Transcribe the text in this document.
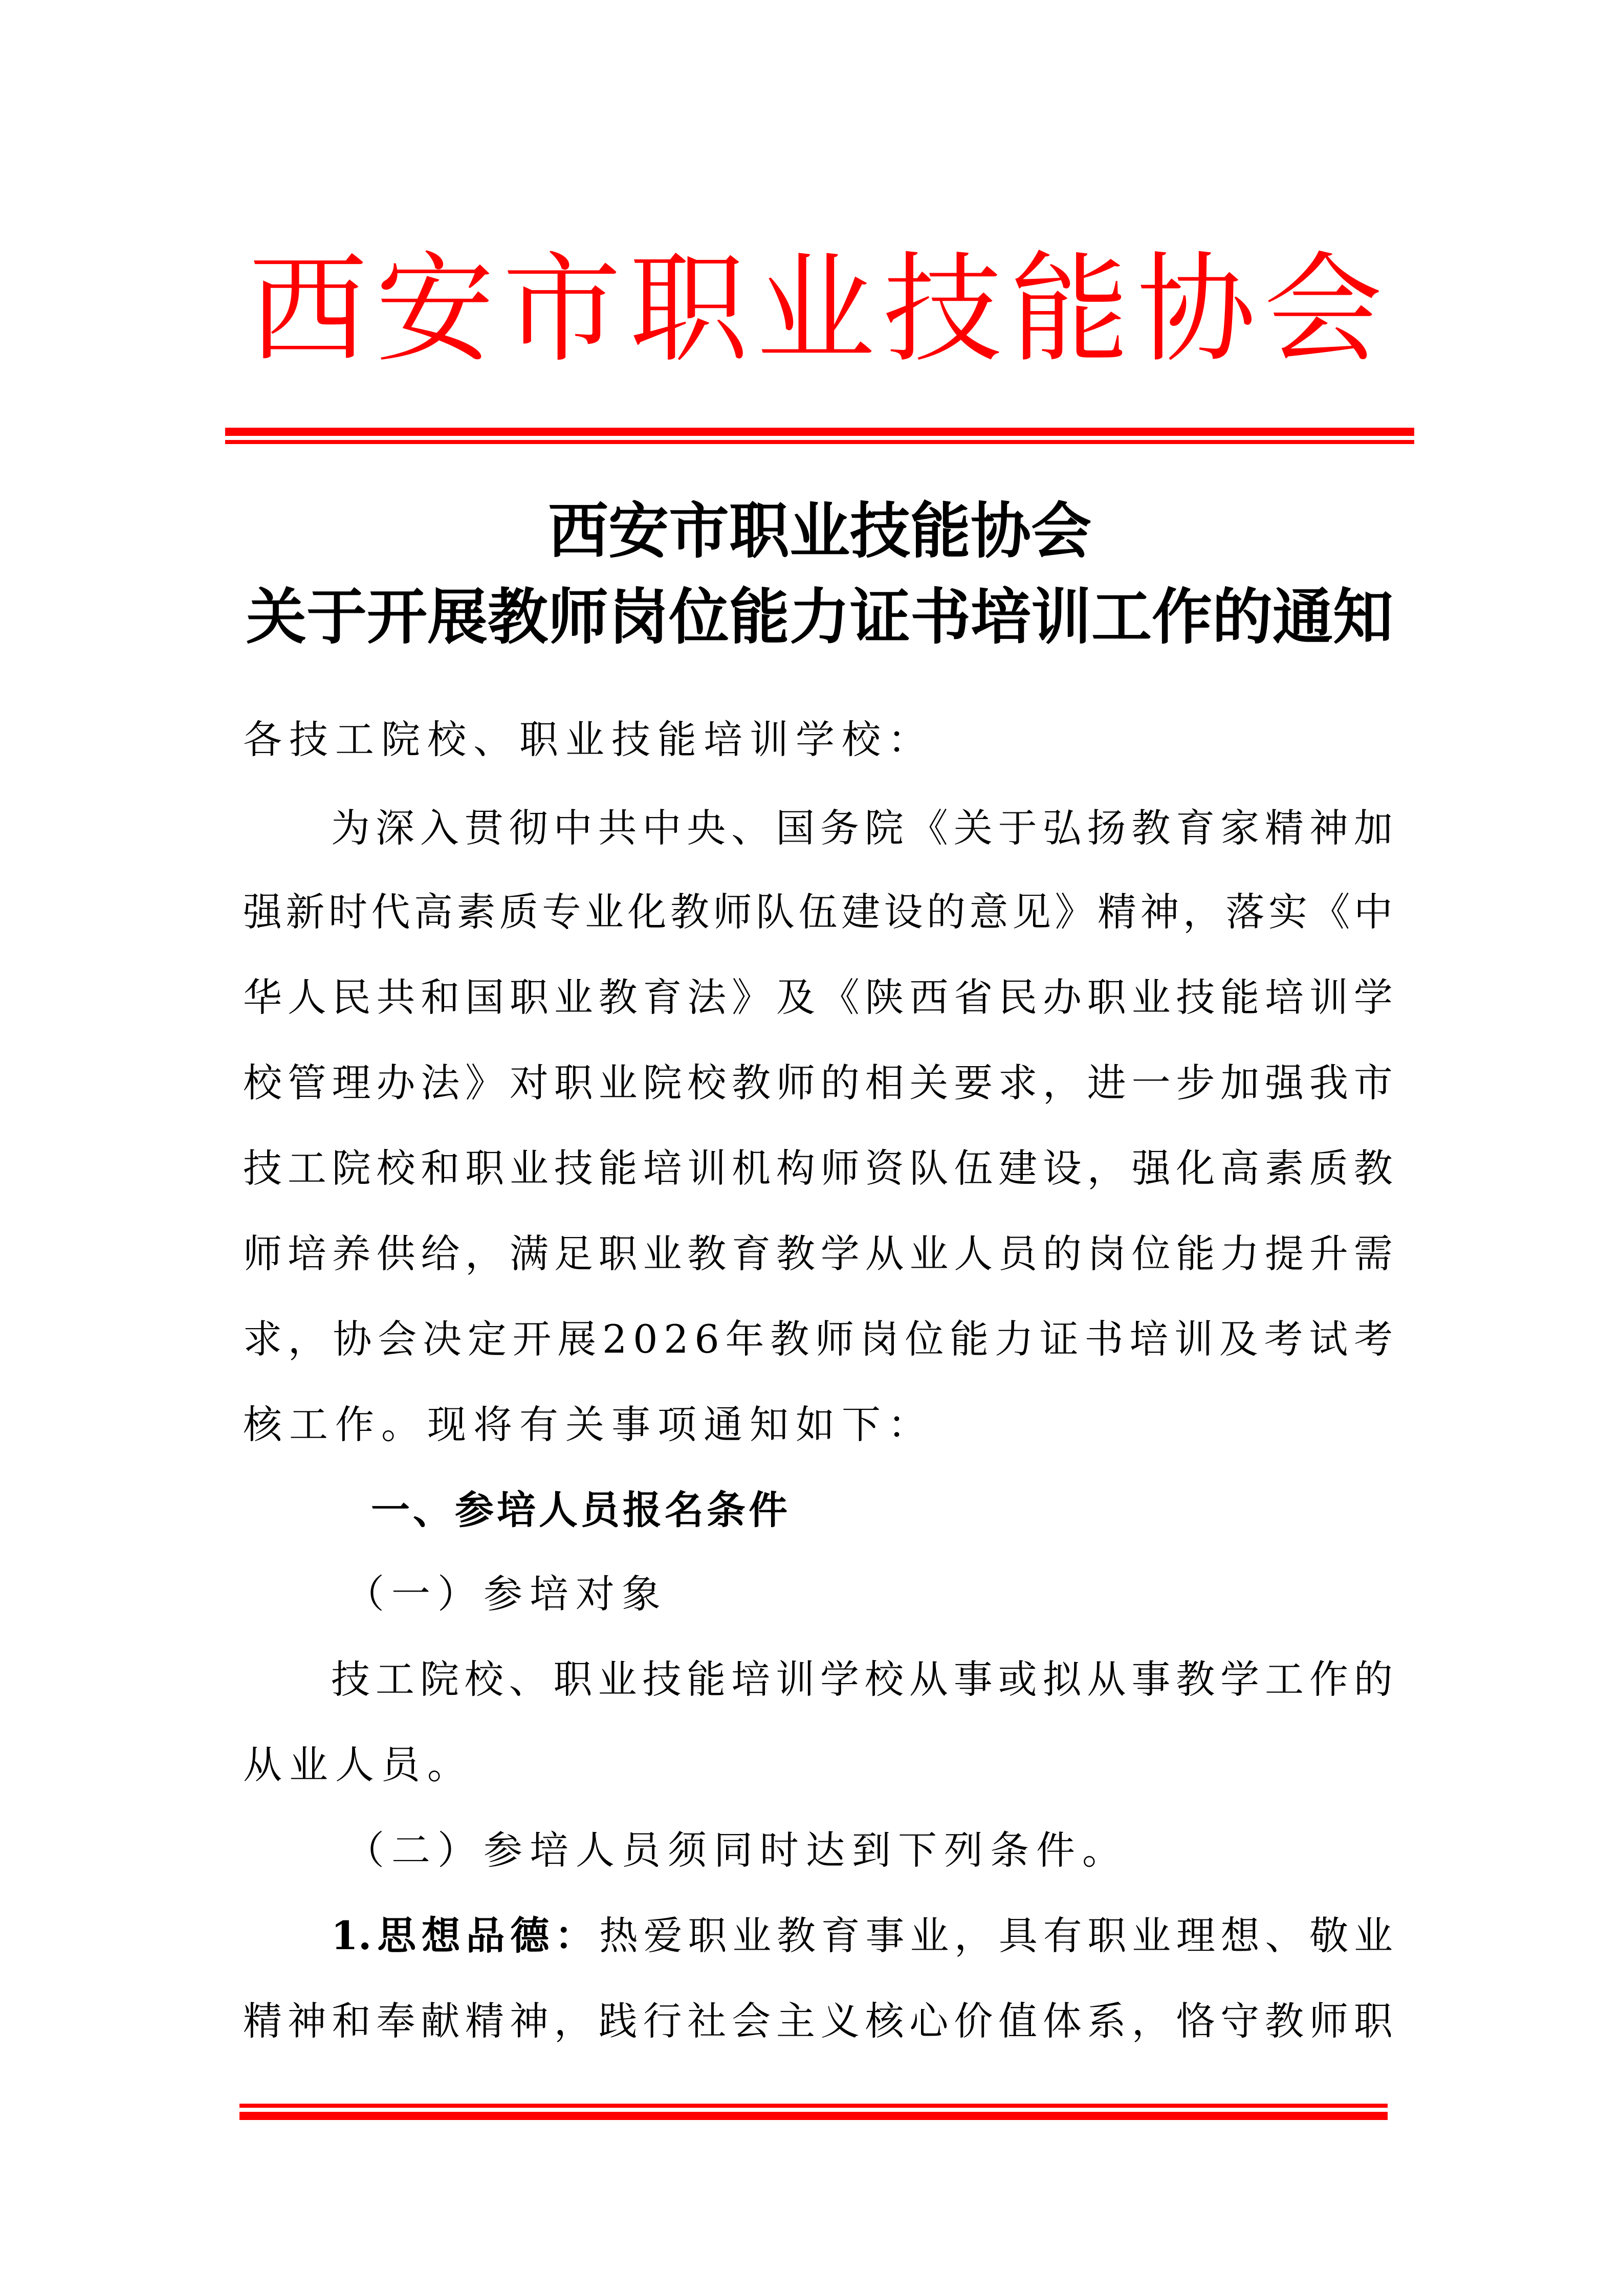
西安市职业技能协会
西安市职业技能协会
关于开展教师岗位能力证书培训工作的通知
各技工院校、职业技能培训学校：
为 深 入 贯 彻 中 共 中 央 、 国 务 院 《 关 于 弘 扬 教 育 家 精 神 加
强 新 时 代 高 素 质 专 业 化 教 师 队 伍 建 设 的 意 见 》 精 神 ， 落 实 《 中
华 人 民 共 和 国 职 业 教 育 法 》 及 《 陕 西 省 民 办 职 业 技 能 培 训 学
校 管 理 办 法 》 对 职 业 院 校 教 师 的 相 关 要 求 ， 进 一 步 加 强 我 市
技 工 院 校 和 职 业 技 能 培 训 机 构 师 资 队 伍 建 设 ， 强 化 高 素 质 教
师 培 养 供 给 ， 满 足 职 业 教 育 教 学 从 业 人 员 的 岗 位 能 力 提 升 需
求 ， 协 会 决 定 开 展 2 0 2 6 年 教 师 岗 位 能 力 证 书 培 训 及 考 试 考
核工作。现将有关事项通知如下：
一、参培人员报名条件
（一）参培对象
技 工 院 校 、 职 业 技 能 培 训 学 校 从 事 或 拟 从 事 教 学 工 作 的
从业人员。
（二）参培人员须同时达到下列条件。
1.思想品德：热爱职业教育事业，具有职业理想、敬业
精 神 和 奉 献 精 神 ， 践 行 社 会 主 义 核 心 价 值 体 系 ， 恪 守 教 师 职
